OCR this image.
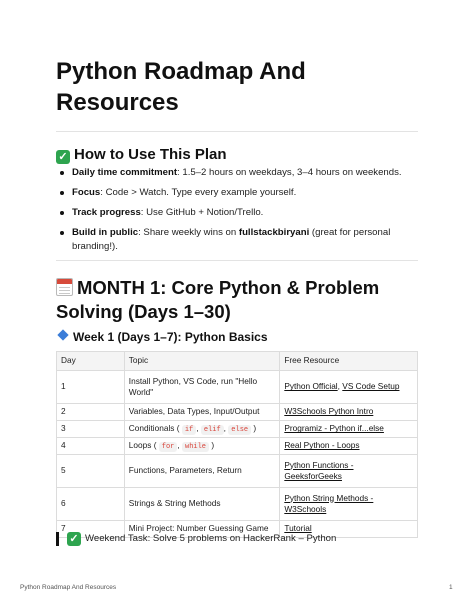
Python Roadmap And Resources
✓ How to Use This Plan
Daily time commitment: 1.5–2 hours on weekdays, 3–4 hours on weekends.
Focus: Code > Watch. Type every example yourself.
Track progress: Use GitHub + Notion/Trello.
Build in public: Share weekly wins on fullstackbiryani (great for personal branding!).
MONTH 1: Core Python & Problem Solving (Days 1–30)
Week 1 (Days 1–7): Python Basics
Day	Topic	Free Resource
1	Install Python, VS Code, run "Hello World"	Python Official, VS Code Setup
2	Variables, Data Types, Input/Output	W3Schools Python Intro
3	Conditionals ( if , elif , else )	Programiz - Python if...else
4	Loops ( for , while )	Real Python - Loops
5	Functions, Parameters, Return	Python Functions - GeeksforGeeks
6	Strings & String Methods	Python String Methods - W3Schools
7	Mini Project: Number Guessing Game	Tutorial
✓ Weekend Task: Solve 5 problems on HackerRank – Python
Python Roadmap And Resources	1
